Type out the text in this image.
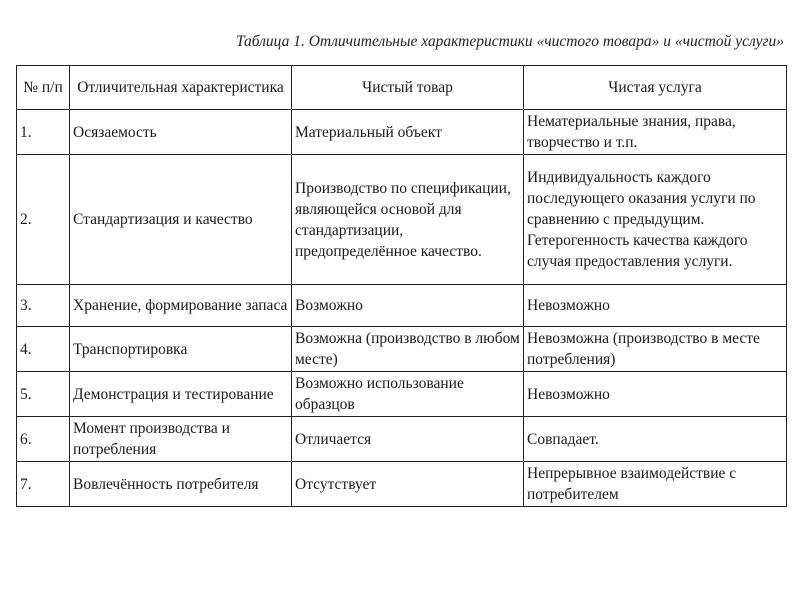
Таблица 1. Отличительные характеристики «чистого товара» и «чистой услуги»
№ п/п	Отличительная характеристика	Чистый товар	Чистая услуга
1.	Осязаемость	Материальный объект	Нематериальные знания, права, творчество и т.п.
2.	Стандартизация и качество	Производство по спецификации, являющейся основой для стандартизации, предопределённое качество.	Индивидуальность каждого последующего оказания услуги по сравнению с предыдущим. Гетерогенность качества каждого случая предоставления услуги.
3.	Хранение, формирование запаса	Возможно	Невозможно
4.	Транспортировка	Возможна (производство в любом месте)	Невозможна (производство в месте потребления)
5.	Демонстрация и тестирование	Возможно использование образцов	Невозможно
6.	Момент производства и потребления	Отличается	Совпадает.
7.	Вовлечённость потребителя	Отсутствует	Непрерывное взаимодействие с потребителем
